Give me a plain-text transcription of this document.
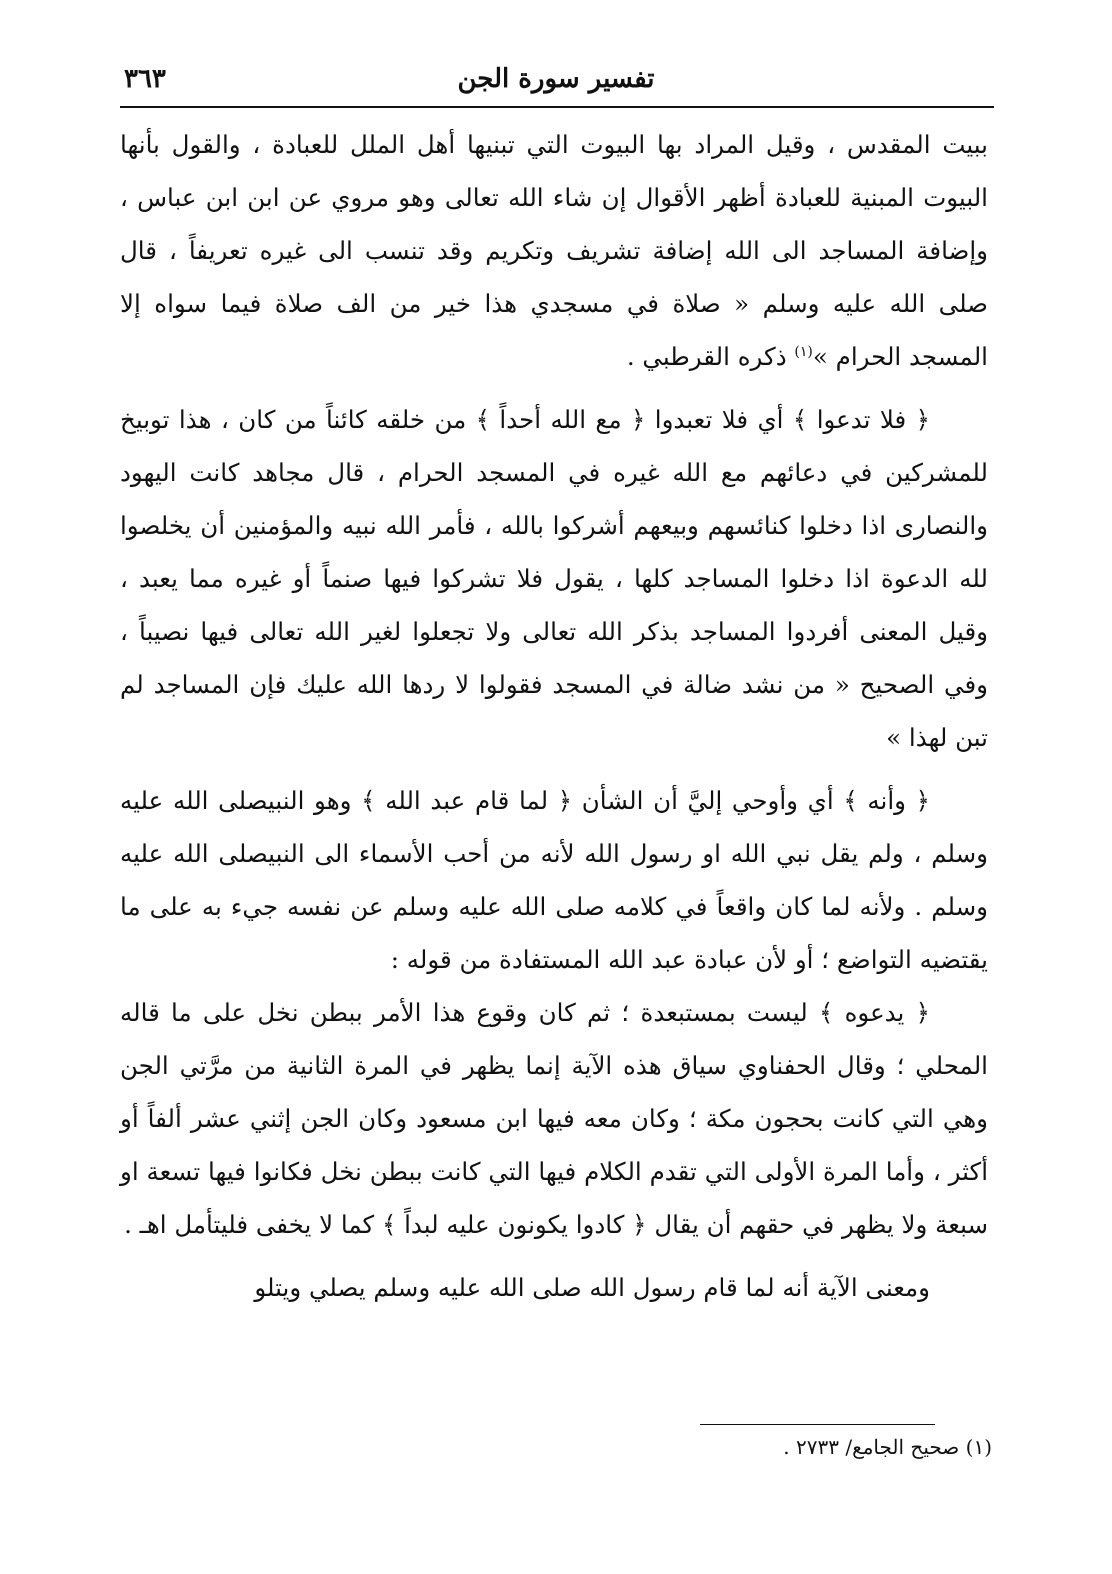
تفسير سورة الجن
٣٦٣

ببيت المقدس ، وقيل المراد بها البيوت التي تبنيها أهل الملل للعبادة ، والقول بأنها البيوت المبنية للعبادة أظهر الأقوال إن شاء الله تعالى وهو مروي عن ابن ابن عباس ، وإضافة المساجد الى الله إضافة تشريف وتكريم وقد تنسب الى غيره تعريفاً ، قال صلى الله عليه وسلم « صلاة في مسجدي هذا خير من الف صلاة فيما سواه إلا المسجد الحرام »$^{(١)}$ ذكره القرطبي .

﴿ فلا تدعوا ﴾ أي فلا تعبدوا ﴿ مع الله أحداً ﴾ من خلقه كائناً من كان ، هذا توبيخ للمشركين في دعائهم مع الله غيره في المسجد الحرام ، قال مجاهد كانت اليهود والنصارى اذا دخلوا كنائسهم وبيعهم أشركوا بالله ، فأمر الله نبيه والمؤمنين أن يخلصوا لله الدعوة اذا دخلوا المساجد كلها ، يقول فلا تشركوا فيها صنماً أو غيره مما يعبد ، وقيل المعنى أفردوا المساجد بذكر الله تعالى ولا تجعلوا لغير الله تعالى فيها نصيباً ، وفي الصحيح « من نشد ضالة في المسجد فقولوا لا ردها الله عليك فإن المساجد لم تبن لهذا »

﴿ وأنه ﴾ أي وأوحي إليَّ أن الشأن ﴿ لما قام عبد الله ﴾ وهو النبيصلى الله عليه وسلم ، ولم يقل نبي الله او رسول الله لأنه من أحب الأسماء الى النبيصلى الله عليه وسلم . ولأنه لما كان واقعاً في كلامه صلى الله عليه وسلم عن نفسه جيء به على ما يقتضيه التواضع ؛ أو لأن عبادة عبد الله المستفادة من قوله :

﴿ يدعوه ﴾ ليست بمستبعدة ؛ ثم كان وقوع هذا الأمر ببطن نخل على ما قاله المحلي ؛ وقال الحفناوي سياق هذه الآية إنما يظهر في المرة الثانية من مرَّتي الجن وهي التي كانت بحجون مكة ؛ وكان معه فيها ابن مسعود وكان الجن إثني عشر ألفاً أو أكثر ، وأما المرة الأولى التي تقدم الكلام فيها التي كانت ببطن نخل فكانوا فيها تسعة او سبعة ولا يظهر في حقهم أن يقال ﴿ كادوا يكونون عليه لبداً ﴾ كما لا يخفى فليتأمل اهـ .

ومعنى الآية أنه لما قام رسول الله صلى الله عليه وسلم يصلي ويتلو

(١) صحيح الجامع/ ٢٧٣٣ .
